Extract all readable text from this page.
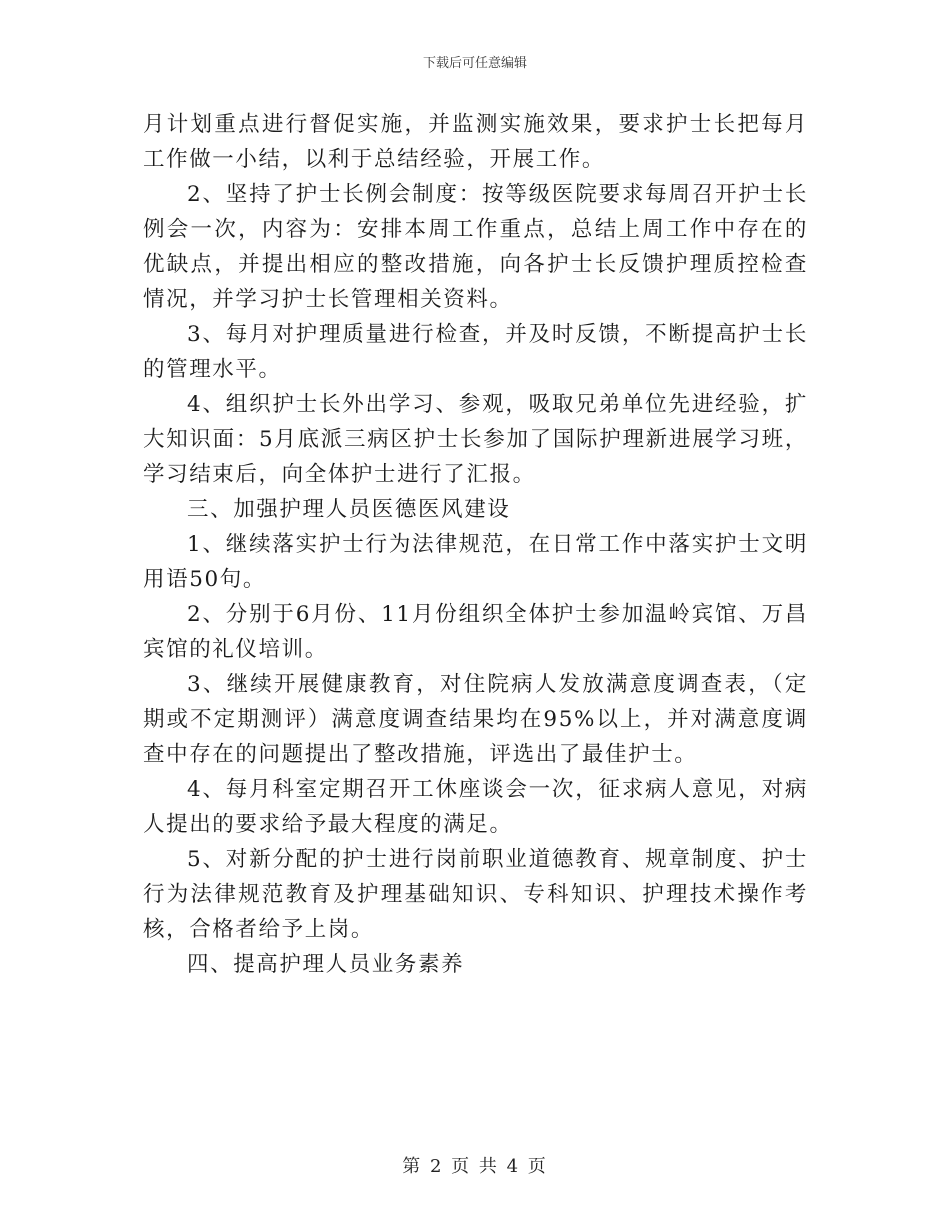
下载后可任意编辑

月计划重点进行督促实施，并监测实施效果，要求护士长把每月工作做一小结，以利于总结经验，开展工作。

2、坚持了护士长例会制度：按等级医院要求每周召开护士长例会一次，内容为：安排本周工作重点，总结上周工作中存在的优缺点，并提出相应的整改措施，向各护士长反馈护理质控检查情况，并学习护士长管理相关资料。

3、每月对护理质量进行检查，并及时反馈，不断提高护士长的管理水平。

4、组织护士长外出学习、参观，吸取兄弟单位先进经验，扩大知识面：5月底派三病区护士长参加了国际护理新进展学习班，学习结束后，向全体护士进行了汇报。

三、加强护理人员医德医风建设

1、继续落实护士行为法律规范，在日常工作中落实护士文明用语50句。

2、分别于6月份、11月份组织全体护士参加温岭宾馆、万昌宾馆的礼仪培训。

3、继续开展健康教育，对住院病人发放满意度调查表，（定期或不定期测评）满意度调查结果均在95%以上，并对满意度调查中存在的问题提出了整改措施，评选出了最佳护士。

4、每月科室定期召开工休座谈会一次，征求病人意见，对病人提出的要求给予最大程度的满足。

5、对新分配的护士进行岗前职业道德教育、规章制度、护士行为法律规范教育及护理基础知识、专科知识、护理技术操作考核，合格者给予上岗。

四、提高护理人员业务素养

第 2 页 共 4 页
